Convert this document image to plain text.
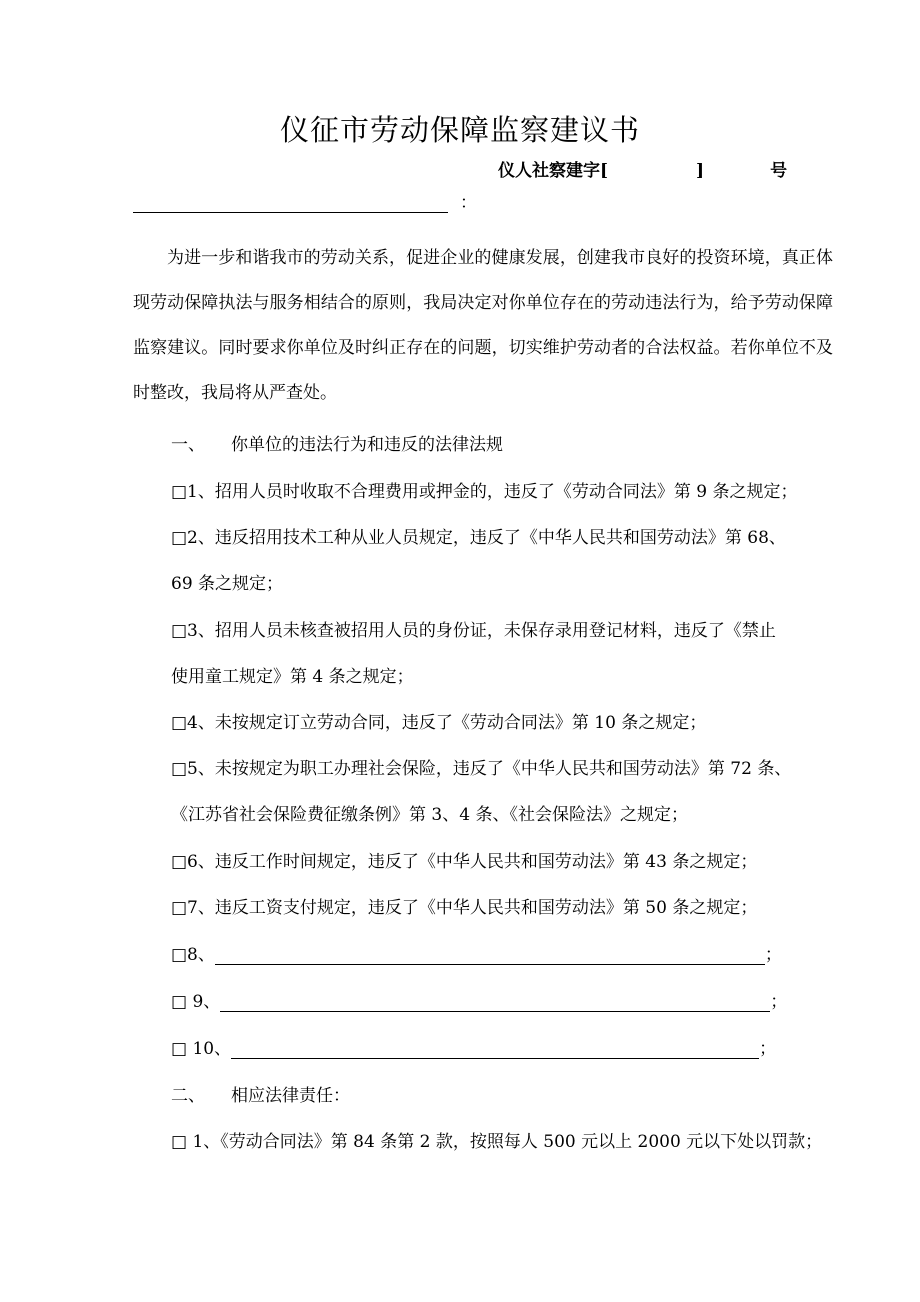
仪征市劳动保障监察建议书
仪人社察建字[	]	号
：

为进一步和谐我市的劳动关系，促进企业的健康发展，创建我市良好的投资环境，真正体现劳动保障执法与服务相结合的原则，我局决定对你单位存在的劳动违法行为，给予劳动保障监察建议。同时要求你单位及时纠正存在的问题，切实维护劳动者的合法权益。若你单位不及时整改，我局将从严查处。

一、 你单位的违法行为和违反的法律法规
□1、招用人员时收取不合理费用或押金的，违反了《劳动合同法》第 9 条之规定；
□2、违反招用技术工种从业人员规定，违反了《中华人民共和国劳动法》第 68、
69 条之规定；
□3、招用人员未核查被招用人员的身份证，未保存录用登记材料，违反了《禁止
使用童工规定》第 4 条之规定；
□4、未按规定订立劳动合同，违反了《劳动合同法》第 10 条之规定；
□5、未按规定为职工办理社会保险，违反了《中华人民共和国劳动法》第 72 条、
《江苏省社会保险费征缴条例》第 3、4 条、《社会保险法》之规定；
□6、违反工作时间规定，违反了《中华人民共和国劳动法》第 43 条之规定；
□7、违反工资支付规定，违反了《中华人民共和国劳动法》第 50 条之规定；
□8、	；
□ 9、	；
□ 10、	；
二、 相应法律责任：
□ 1、《劳动合同法》第 84 条第 2 款，按照每人 500 元以上 2000 元以下处以罚款；
